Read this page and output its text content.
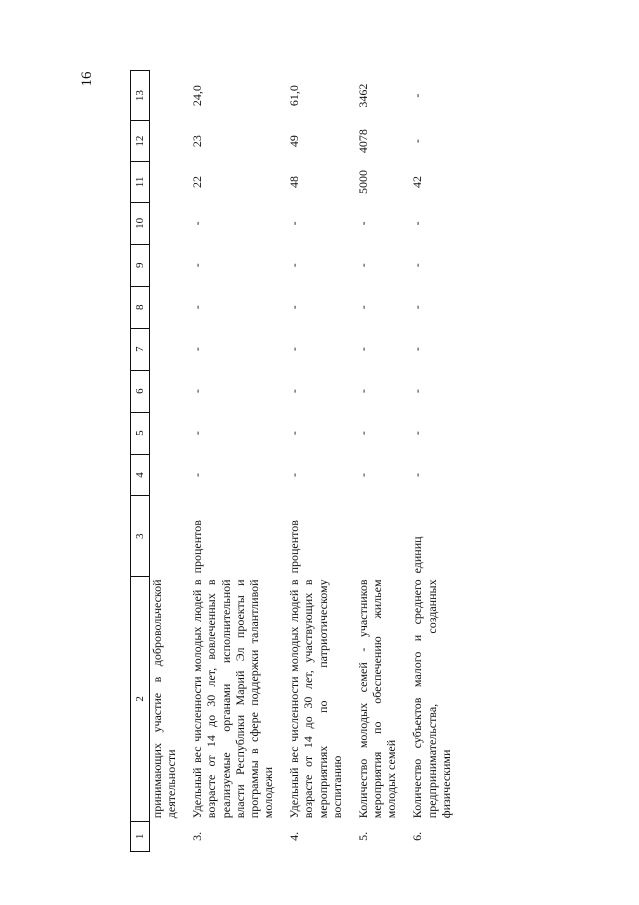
16
1	2	3	4	5	6	7	8	9	10	11	12	13
	принимающих участие в добровольческой деятельности											
3.	Удельный вес численности молодых людей в возрасте от 14 до 30 лет, вовлеченных в реализуемые органами исполнительной власти Республики Марий Эл проекты и программы в сфере поддержки талантливой молодежи	процентов	-	-	-	-	-	-	-	22	23	24,0
4.	Удельный вес численности молодых людей в возрасте от 14 до 30 лет, участвующих в мероприятиях по патриотическому воспитанию	процентов	-	-	-	-	-	-	-	48	49	61,0
5.	Количество молодых семей - участников мероприятия по обеспечению жильем молодых семей		-	-	-	-	-	-	-	5000	4078	3462
6.	Количество субъектов малого и среднего предпринимательства, созданных физическими	единиц	-	-	-	-	-	-	-	42	-	-
